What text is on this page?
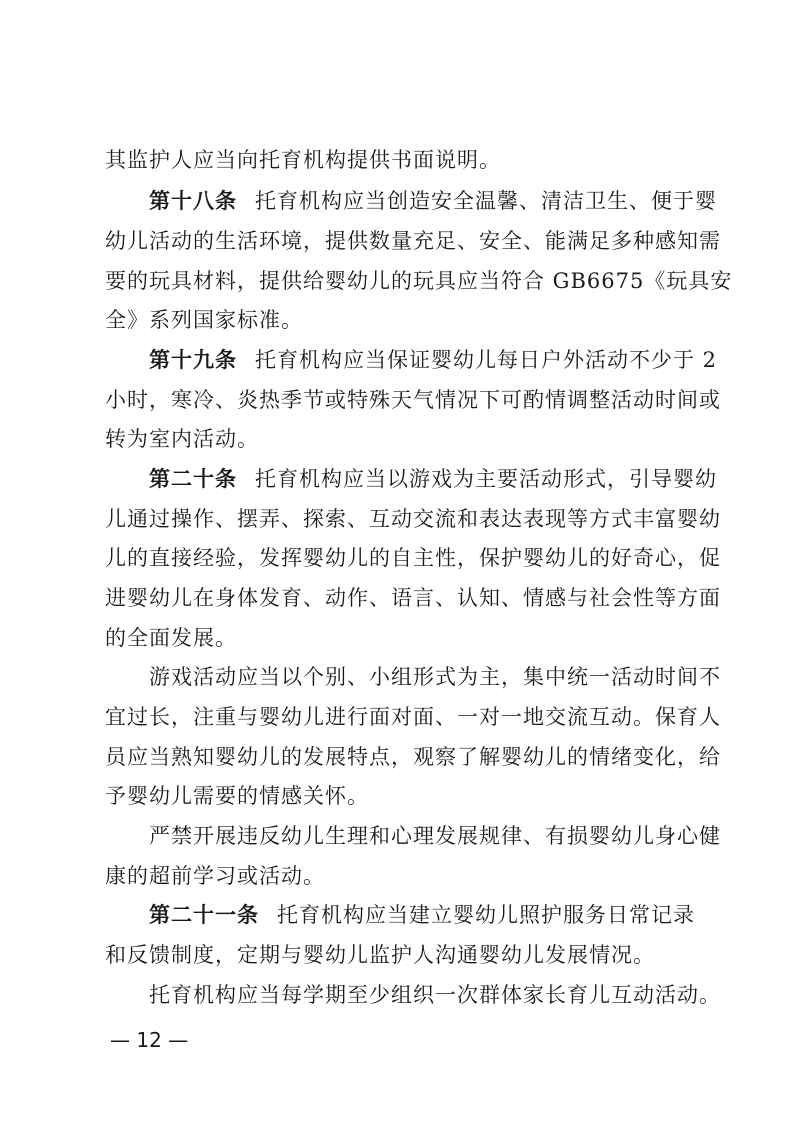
其监护人应当向托育机构提供书面说明。
第十八条 托育机构应当创造安全温馨、清洁卫生、便于婴
幼儿活动的生活环境，提供数量充足、安全、能满足多种感知需
要的玩具材料，提供给婴幼儿的玩具应当符合 GB6675《玩具安
全》系列国家标准。
第十九条 托育机构应当保证婴幼儿每日户外活动不少于 2
小时，寒冷、炎热季节或特殊天气情况下可酌情调整活动时间或
转为室内活动。
第二十条 托育机构应当以游戏为主要活动形式，引导婴幼
儿通过操作、摆弄、探索、互动交流和表达表现等方式丰富婴幼
儿的直接经验，发挥婴幼儿的自主性，保护婴幼儿的好奇心，促
进婴幼儿在身体发育、动作、语言、认知、情感与社会性等方面
的全面发展。
游戏活动应当以个别、小组形式为主，集中统一活动时间不
宜过长，注重与婴幼儿进行面对面、一对一地交流互动。保育人
员应当熟知婴幼儿的发展特点，观察了解婴幼儿的情绪变化，给
予婴幼儿需要的情感关怀。
严禁开展违反幼儿生理和心理发展规律、有损婴幼儿身心健
康的超前学习或活动。
第二十一条 托育机构应当建立婴幼儿照护服务日常记录
和反馈制度，定期与婴幼儿监护人沟通婴幼儿发展情况。
托育机构应当每学期至少组织一次群体家长育儿互动活动。
— 12 —
